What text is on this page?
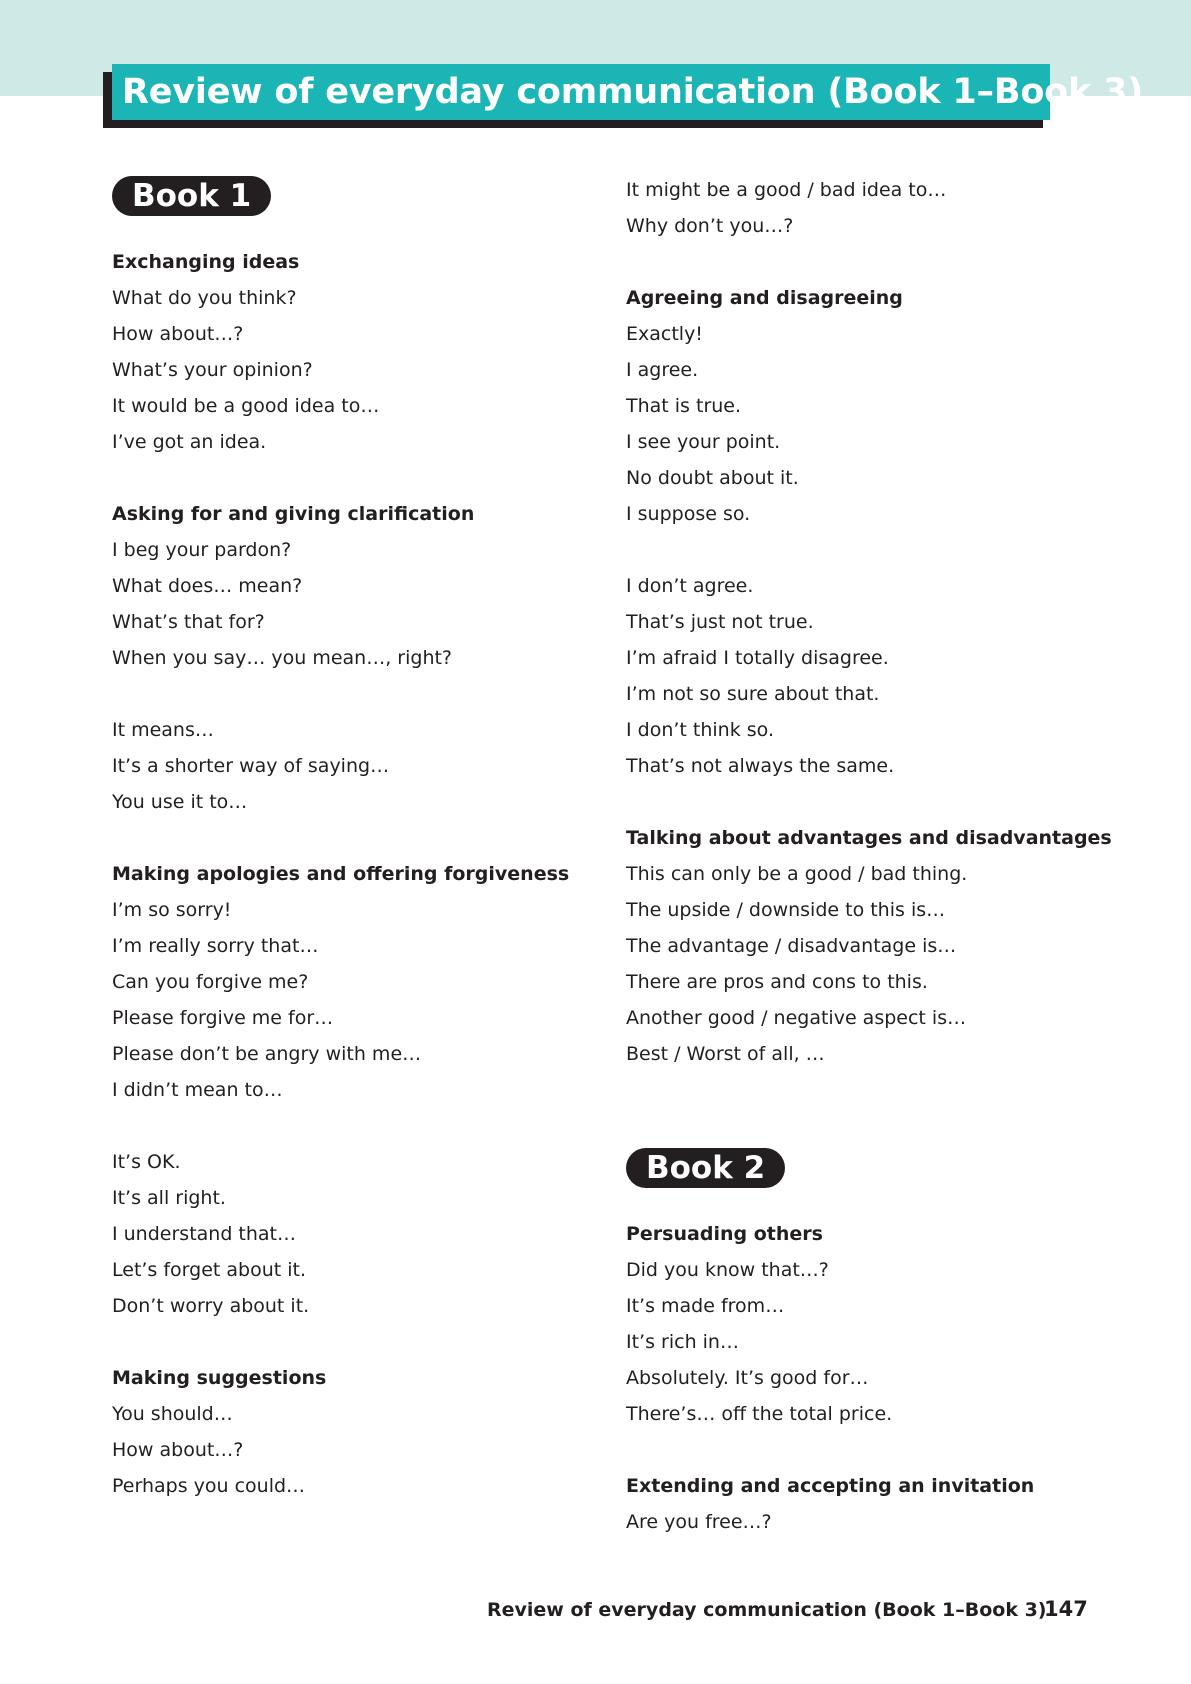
Review of everyday communication (Book 1–Book 3)
Book 1
Exchanging ideas
What do you think?
How about…?
What’s your opinion?
It would be a good idea to…
I’ve got an idea.
Asking for and giving clarification
I beg your pardon?
What does… mean?
What’s that for?
When you say… you mean…, right?
It means…
It’s a shorter way of saying…
You use it to…
Making apologies and offering forgiveness
I’m so sorry!
I’m really sorry that…
Can you forgive me?
Please forgive me for…
Please don’t be angry with me…
I didn’t mean to…
It’s OK.
It’s all right.
I understand that…
Let’s forget about it.
Don’t worry about it.
Making suggestions
You should…
How about…?
Perhaps you could…
It might be a good / bad idea to…
Why don’t you…?
Agreeing and disagreeing
Exactly!
I agree.
That is true.
I see your point.
No doubt about it.
I suppose so.
I don’t agree.
That’s just not true.
I’m afraid I totally disagree.
I’m not so sure about that.
I don’t think so.
That’s not always the same.
Talking about advantages and disadvantages
This can only be a good / bad thing.
The upside / downside to this is…
The advantage / disadvantage is…
There are pros and cons to this.
Another good / negative aspect is…
Best / Worst of all, …
Book 2
Persuading others
Did you know that…?
It’s made from…
It’s rich in…
Absolutely. It’s good for…
There’s… off the total price.
Extending and accepting an invitation
Are you free…?
Review of everyday communication (Book 1–Book 3)
147
